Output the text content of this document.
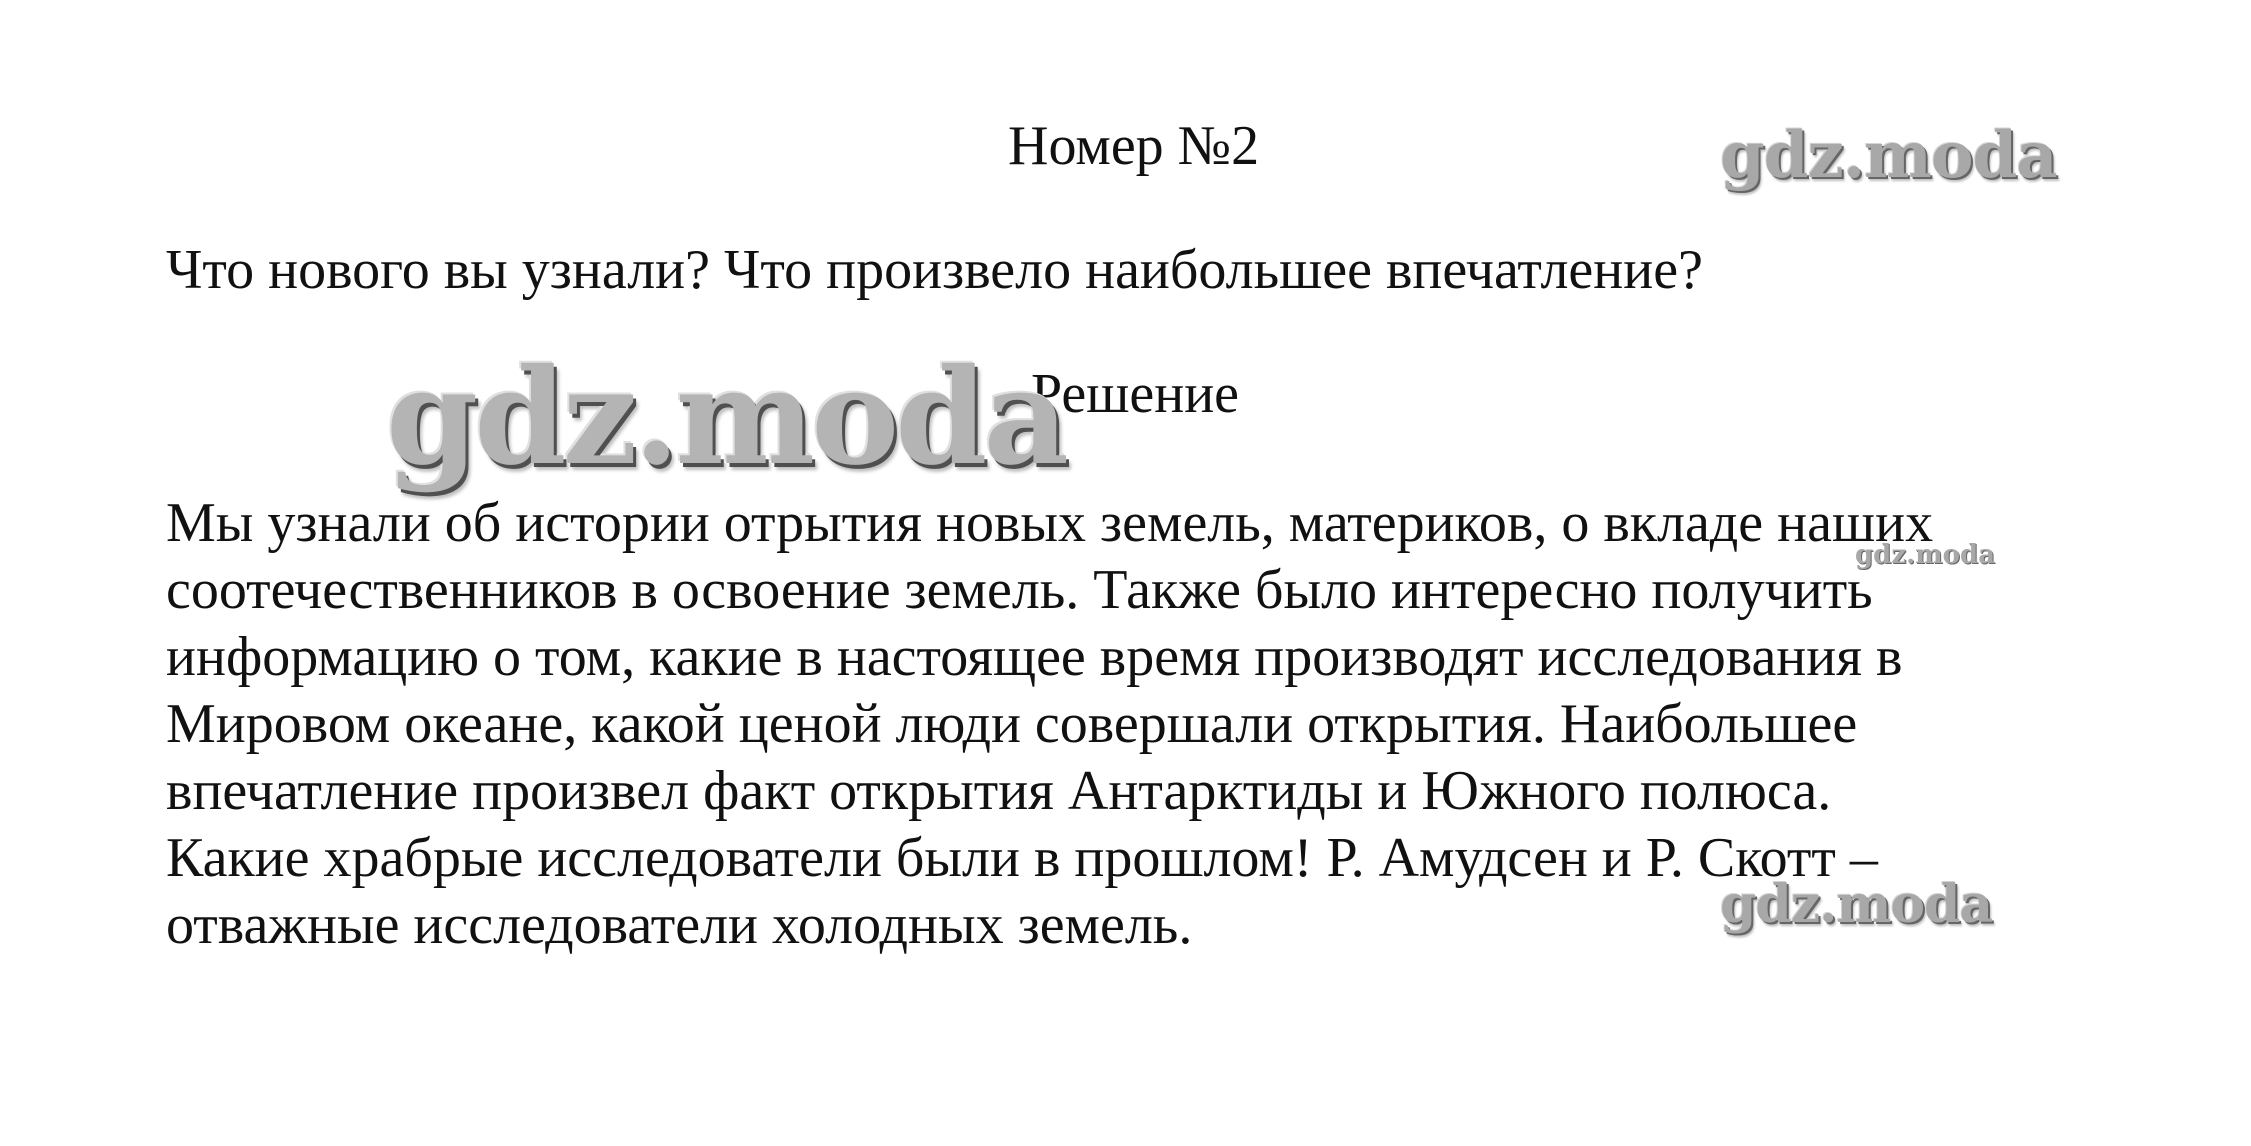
Номер №2	gdz.moda
Что нового вы узнали? Что произвело наибольшее впечатление?
gdz.moda
Решение
Мы узнали об истории отрытия новых земель, материков, о вкладе наших
соотечественников в освоение земель. Также было интересно получить
информацию о том, какие в настоящее время производят исследования в
Мировом океане, какой ценой люди совершали открытия. Наибольшее
впечатление произвел факт открытия Антарктиды и Южного полюса.
Какие храбрые исследователи были в прошлом! Р. Амудсен и Р. Скотт –
отважные исследователи холодных земель.
gdz.moda
gdz.moda
